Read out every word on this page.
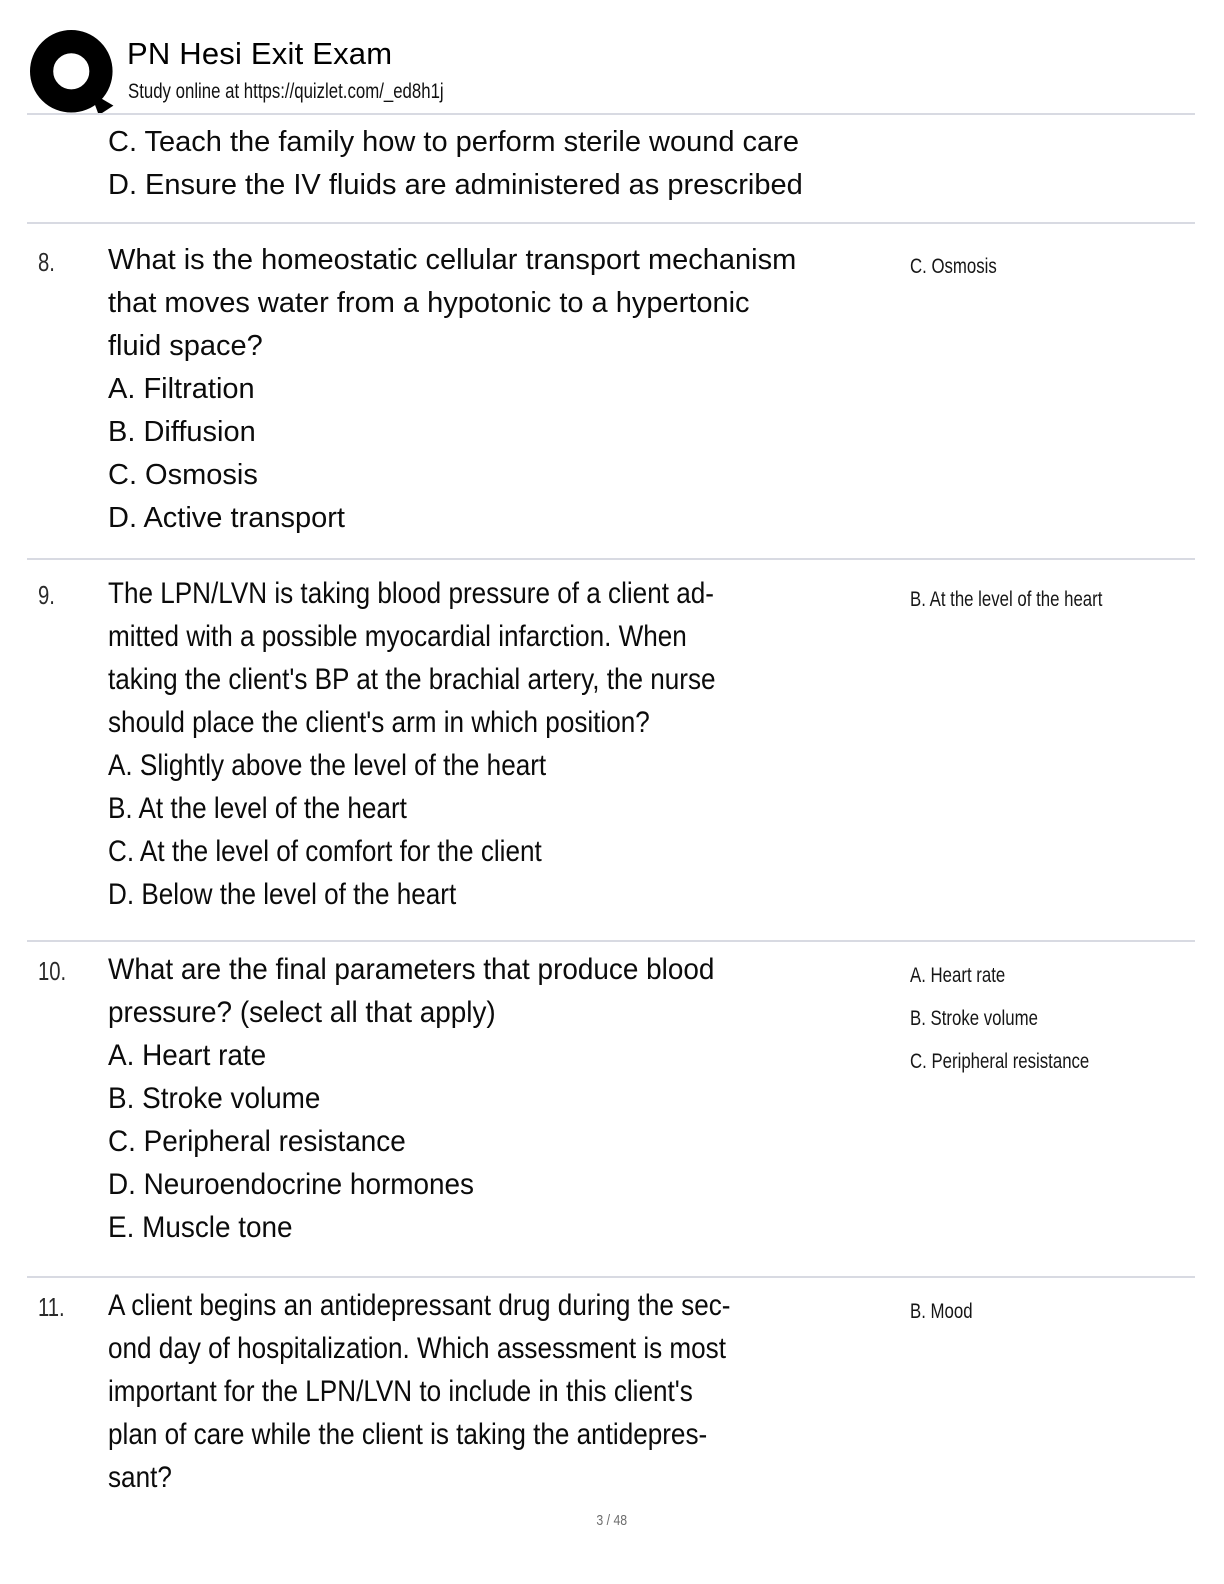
PN Hesi Exit Exam
Study online at https://quizlet.com/_ed8h1j
C. Teach the family how to perform sterile wound care
D. Ensure the IV fluids are administered as prescribed
8. What is the homeostatic cellular transport mechanism
that moves water from a hypotonic to a hypertonic
fluid space?
A. Filtration
B. Diffusion
C. Osmosis
D. Active transport
C. Osmosis
9. The LPN/LVN is taking blood pressure of a client ad-
mitted with a possible myocardial infarction. When
taking the client's BP at the brachial artery, the nurse
should place the client's arm in which position?
A. Slightly above the level of the heart
B. At the level of the heart
C. At the level of comfort for the client
D. Below the level of the heart
B. At the level of the heart
10. What are the final parameters that produce blood
pressure? (select all that apply)
A. Heart rate
B. Stroke volume
C. Peripheral resistance
D. Neuroendocrine hormones
E. Muscle tone
A. Heart rate
B. Stroke volume
C. Peripheral resistance
11. A client begins an antidepressant drug during the sec-
ond day of hospitalization. Which assessment is most
important for the LPN/LVN to include in this client's
plan of care while the client is taking the antidepres-
sant?
B. Mood
3 / 48
